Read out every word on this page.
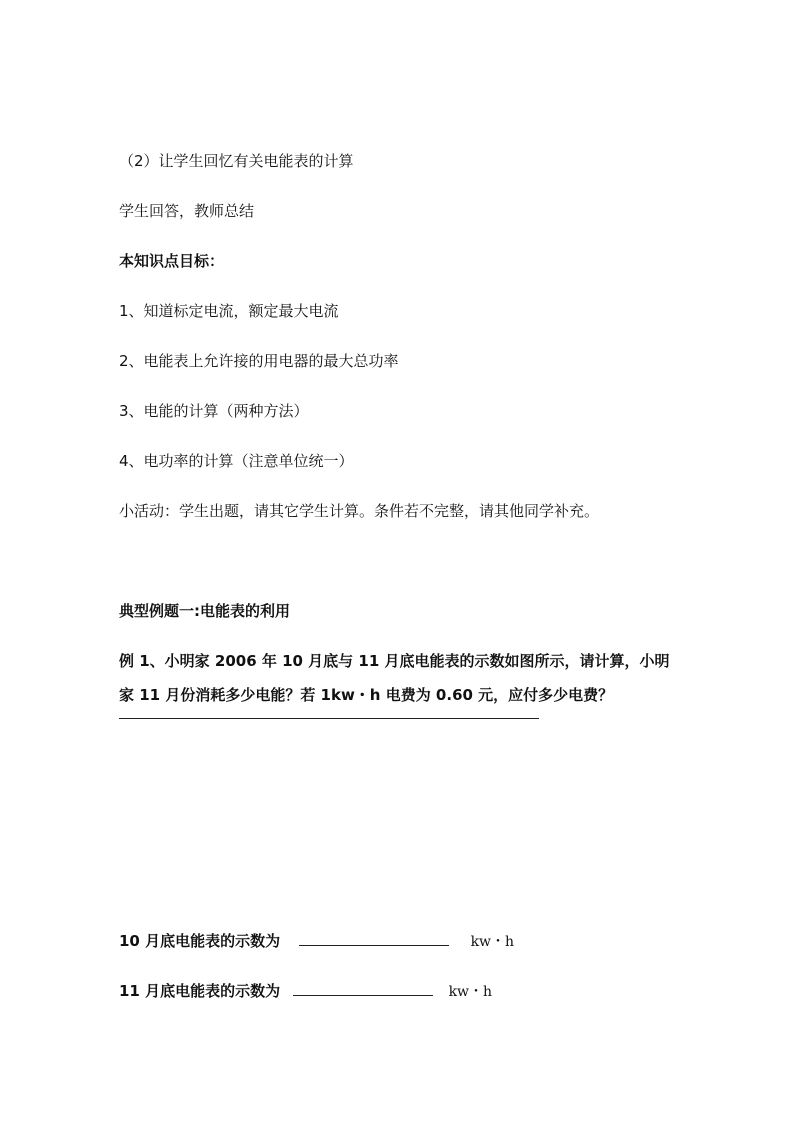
（2）让学生回忆有关电能表的计算
学生回答，教师总结
本知识点目标：
1、知道标定电流，额定最大电流
2、电能表上允许接的用电器的最大总功率
3、电能的计算（两种方法）
4、电功率的计算（注意单位统一）
小活动：学生出题，请其它学生计算。条件若不完整，请其他同学补充。
典型例题一:电能表的利用
例 1、小明家 2006 年 10 月底与 11 月底电能表的示数如图所示，请计算，小明
家 11 月份消耗多少电能？若 1kw・h 电费为 0.60 元，应付多少电费？
10 月底电能表的示数为	kw・h
11 月底电能表的示数为	kw・h
